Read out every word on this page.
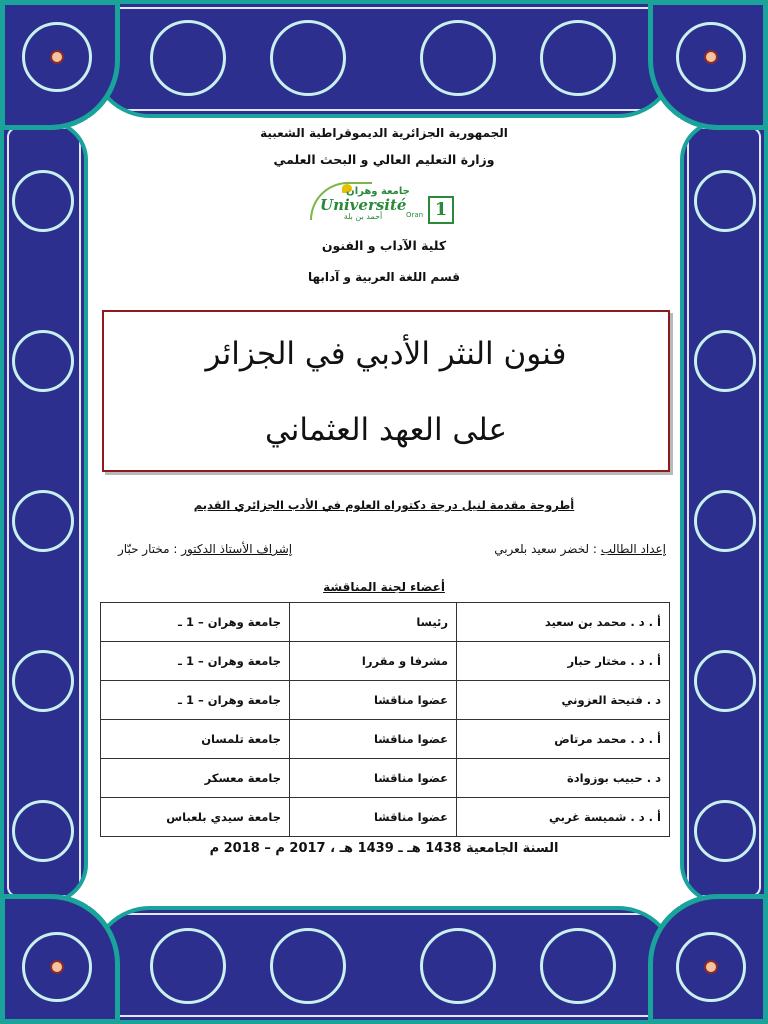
الجمهورية الجزائرية الديموقراطية الشعبية
وزارة التعليم العالي و البحث العلمي
جامعة وهران
Université
Oran
أحمد بن بلة	1
كلية الآداب و الفنون
قسم اللغة العربية و آدابها
فنون النثر الأدبي في الجزائر
على العهد العثماني
أطروحة مقدمة لنيل درجة دكتوراه العلوم في الأدب الجزائري القديم
إعداد الطالب : لخضر سعيد بلعربي
إشراف الأستاذ الدكتور : مختار حبّار
أعضاء لجنة المناقشة
أ . د . محمد بن سعيد	رئيسا	جامعة وهران – 1 ـ
أ . د . مختار حبار	مشرفا و مقررا	جامعة وهران – 1 ـ
د . فتيحة العزوني	عضوا مناقشا	جامعة وهران – 1 ـ
أ . د . محمد مرتاض	عضوا مناقشا	جامعة تلمسان
د . حبيب بوزوادة	عضوا مناقشا	جامعة معسكر
أ . د . شميسة غربي	عضوا مناقشا	جامعة سيدي بلعباس
السنة الجامعية 1438 هـ ـ 1439 هـ ، 2017 م – 2018 م
